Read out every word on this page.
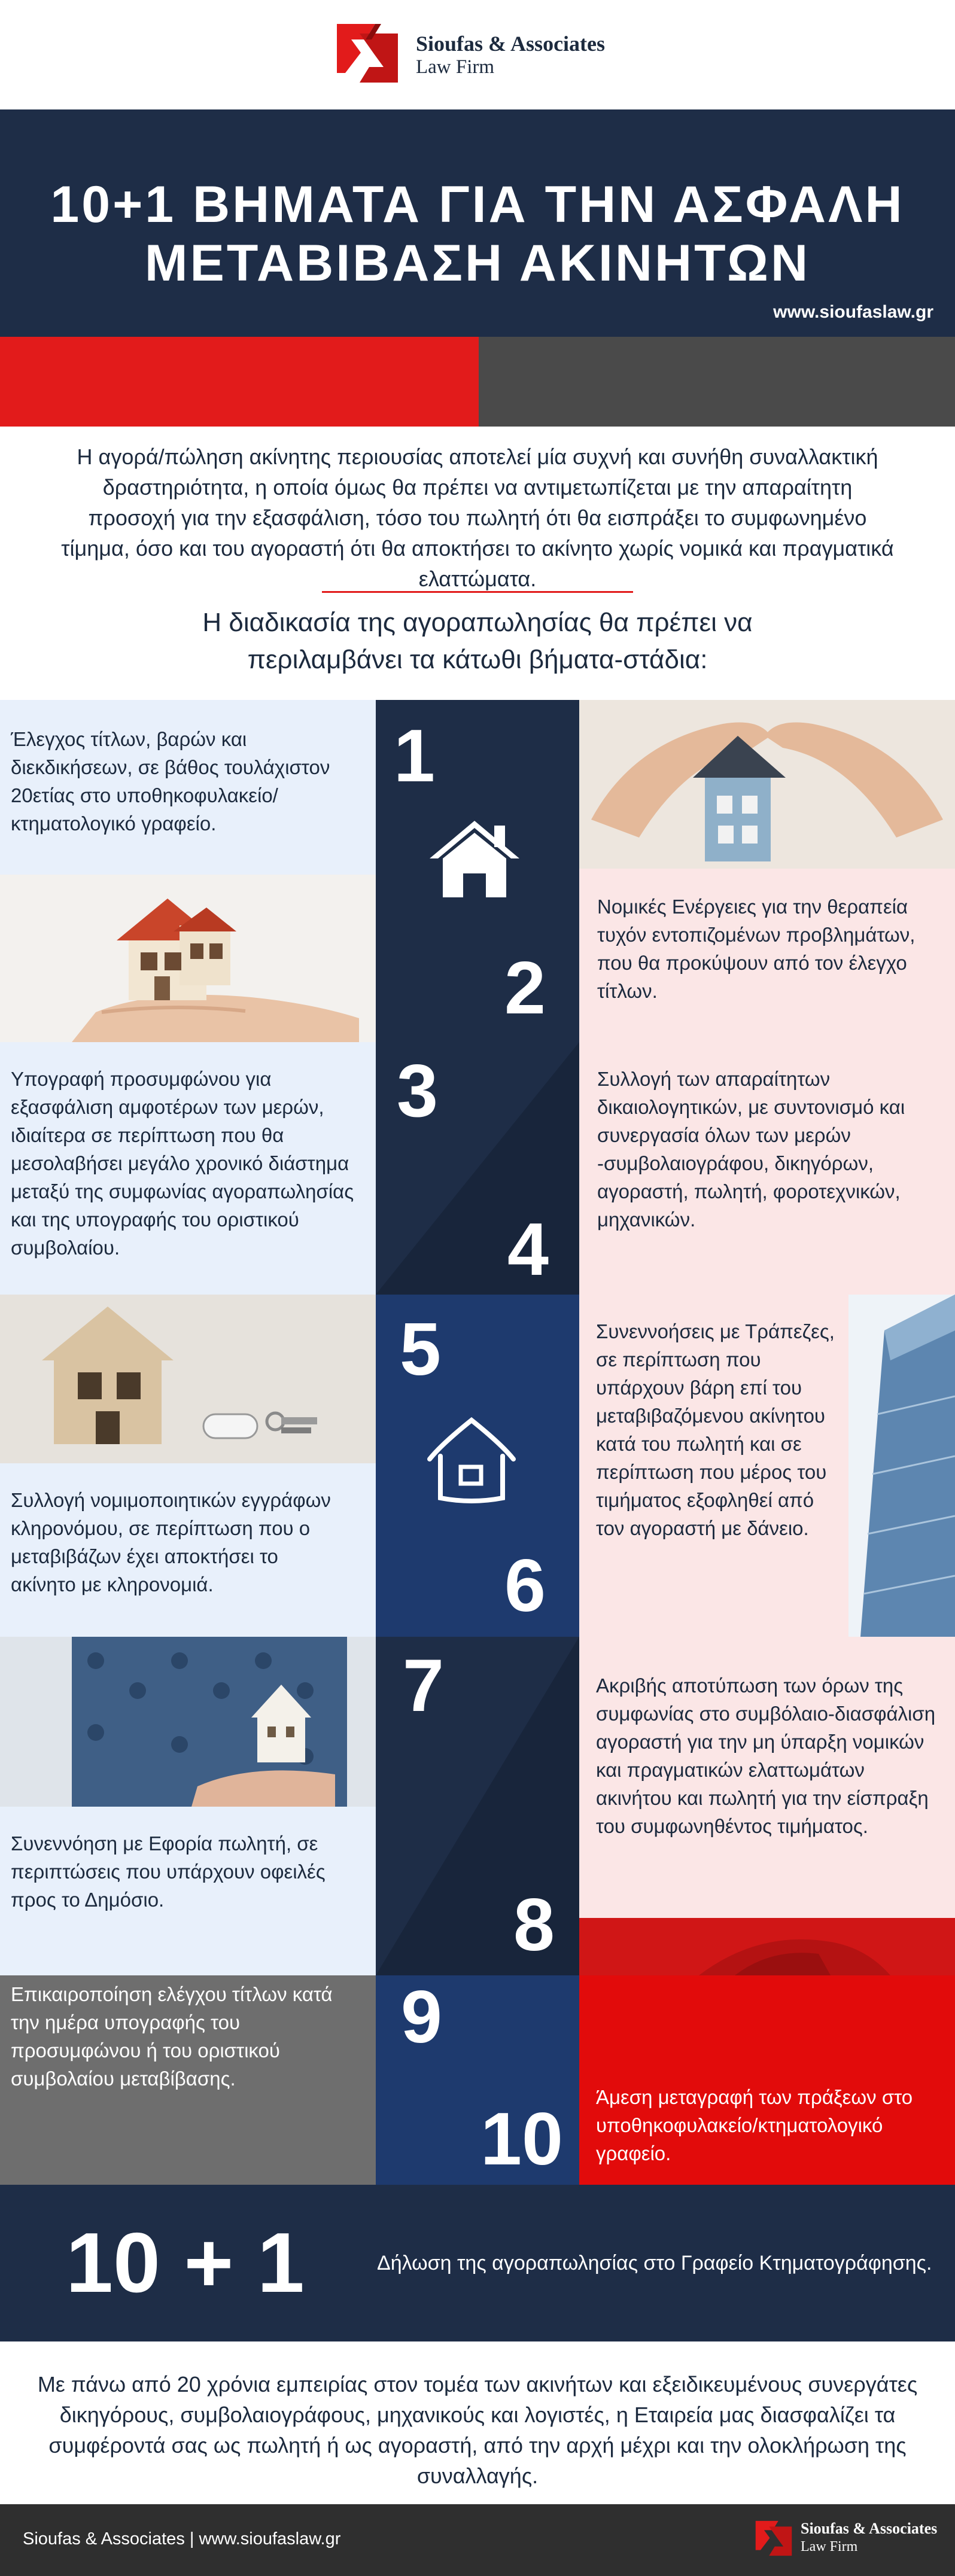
Sioufas & Associates
Law Firm
10+1 ΒΗΜΑΤΑ ΓΙΑ ΤΗΝ ΑΣΦΑΛΗ
ΜΕΤΑΒΙΒΑΣΗ ΑΚΙΝΗΤΩΝ
www.sioufaslaw.gr
Η αγορά/πώληση ακίνητης περιουσίας αποτελεί μία συχνή και συνήθη συναλλακτική δραστηριότητα, η οποία όμως θα πρέπει να αντιμετωπίζεται με την απαραίτητη προσοχή για την εξασφάλιση, τόσο του πωλητή ότι θα εισπράξει το συμφωνημένο τίμημα, όσο και του αγοραστή ότι θα αποκτήσει το ακίνητο χωρίς νομικά και πραγματικά ελαττώματα.
Η διαδικασία της αγοραπωλησίας θα πρέπει να
περιλαμβάνει τα κάτωθι βήματα-στάδια:
Έλεγχος τίτλων, βαρών και διεκδικήσεων, σε βάθος τουλάχιστον 20ετίας στο υποθηκοφυλακείο/ κτηματολογικό γραφείο.
1
2
Νομικές Ενέργειες για την θεραπεία τυχόν εντοπιζομένων προβλημάτων, που θα προκύψουν από τον έλεγχο τίτλων.
Υπογραφή προσυμφώνου για εξασφάλιση αμφοτέρων των μερών, ιδιαίτερα σε περίπτωση που θα μεσολαβήσει μεγάλο χρονικό διάστημα μεταξύ της συμφωνίας αγοραπωλησίας και της υπογραφής του οριστικού συμβολαίου.
3
4
Συλλογή των απαραίτητων δικαιολογητικών, με συντονισμό και συνεργασία όλων των μερών -συμβολαιογράφου, δικηγόρων, αγοραστή, πωλητή, φοροτεχνικών, μηχανικών.
Συλλογή νομιμοποιητικών εγγράφων κληρονόμου, σε περίπτωση που ο μεταβιβάζων έχει αποκτήσει το ακίνητο με κληρονομιά.
5
6
Συνεννοήσεις με Τράπεζες, σε περίπτωση που υπάρχουν βάρη επί του μεταβιβαζόμενου ακίνητου κατά του πωλητή και σε περίπτωση που μέρος του τιμήματος εξοφληθεί από τον αγοραστή με δάνειο.
Συνεννόηση με Εφορία πωλητή, σε περιπτώσεις που υπάρχουν οφειλές προς το Δημόσιο.
7
8
Ακριβής αποτύπωση των όρων της συμφωνίας στο συμβόλαιο-διασφάλιση αγοραστή για την μη ύπαρξη νομικών και πραγματικών ελαττωμάτων ακινήτου και πωλητή για την είσπραξη του συμφωνηθέντος τιμήματος.
Επικαιροποίηση ελέγχου τίτλων κατά την ημέρα υπογραφής του προσυμφώνου ή του οριστικού συμβολαίου μεταβίβασης.
9
10
Άμεση μεταγραφή των πράξεων στο υποθηκοφυλακείο/κτηματολογικό γραφείο.
10 + 1	Δήλωση της αγοραπωλησίας στο Γραφείο Κτηματογράφησης.
Με πάνω από 20 χρόνια εμπειρίας στον τομέα των ακινήτων και εξειδικευμένους συνεργάτες δικηγόρους, συμβολαιογράφους, μηχανικούς και λογιστές, η Εταιρεία μας διασφαλίζει τα συμφέροντά σας ως πωλητή ή ως αγοραστή, από την αρχή μέχρι και την ολοκλήρωση της συναλλαγής.
Sioufas & Associates | www.sioufaslaw.gr
Sioufas & Associates
Law Firm
